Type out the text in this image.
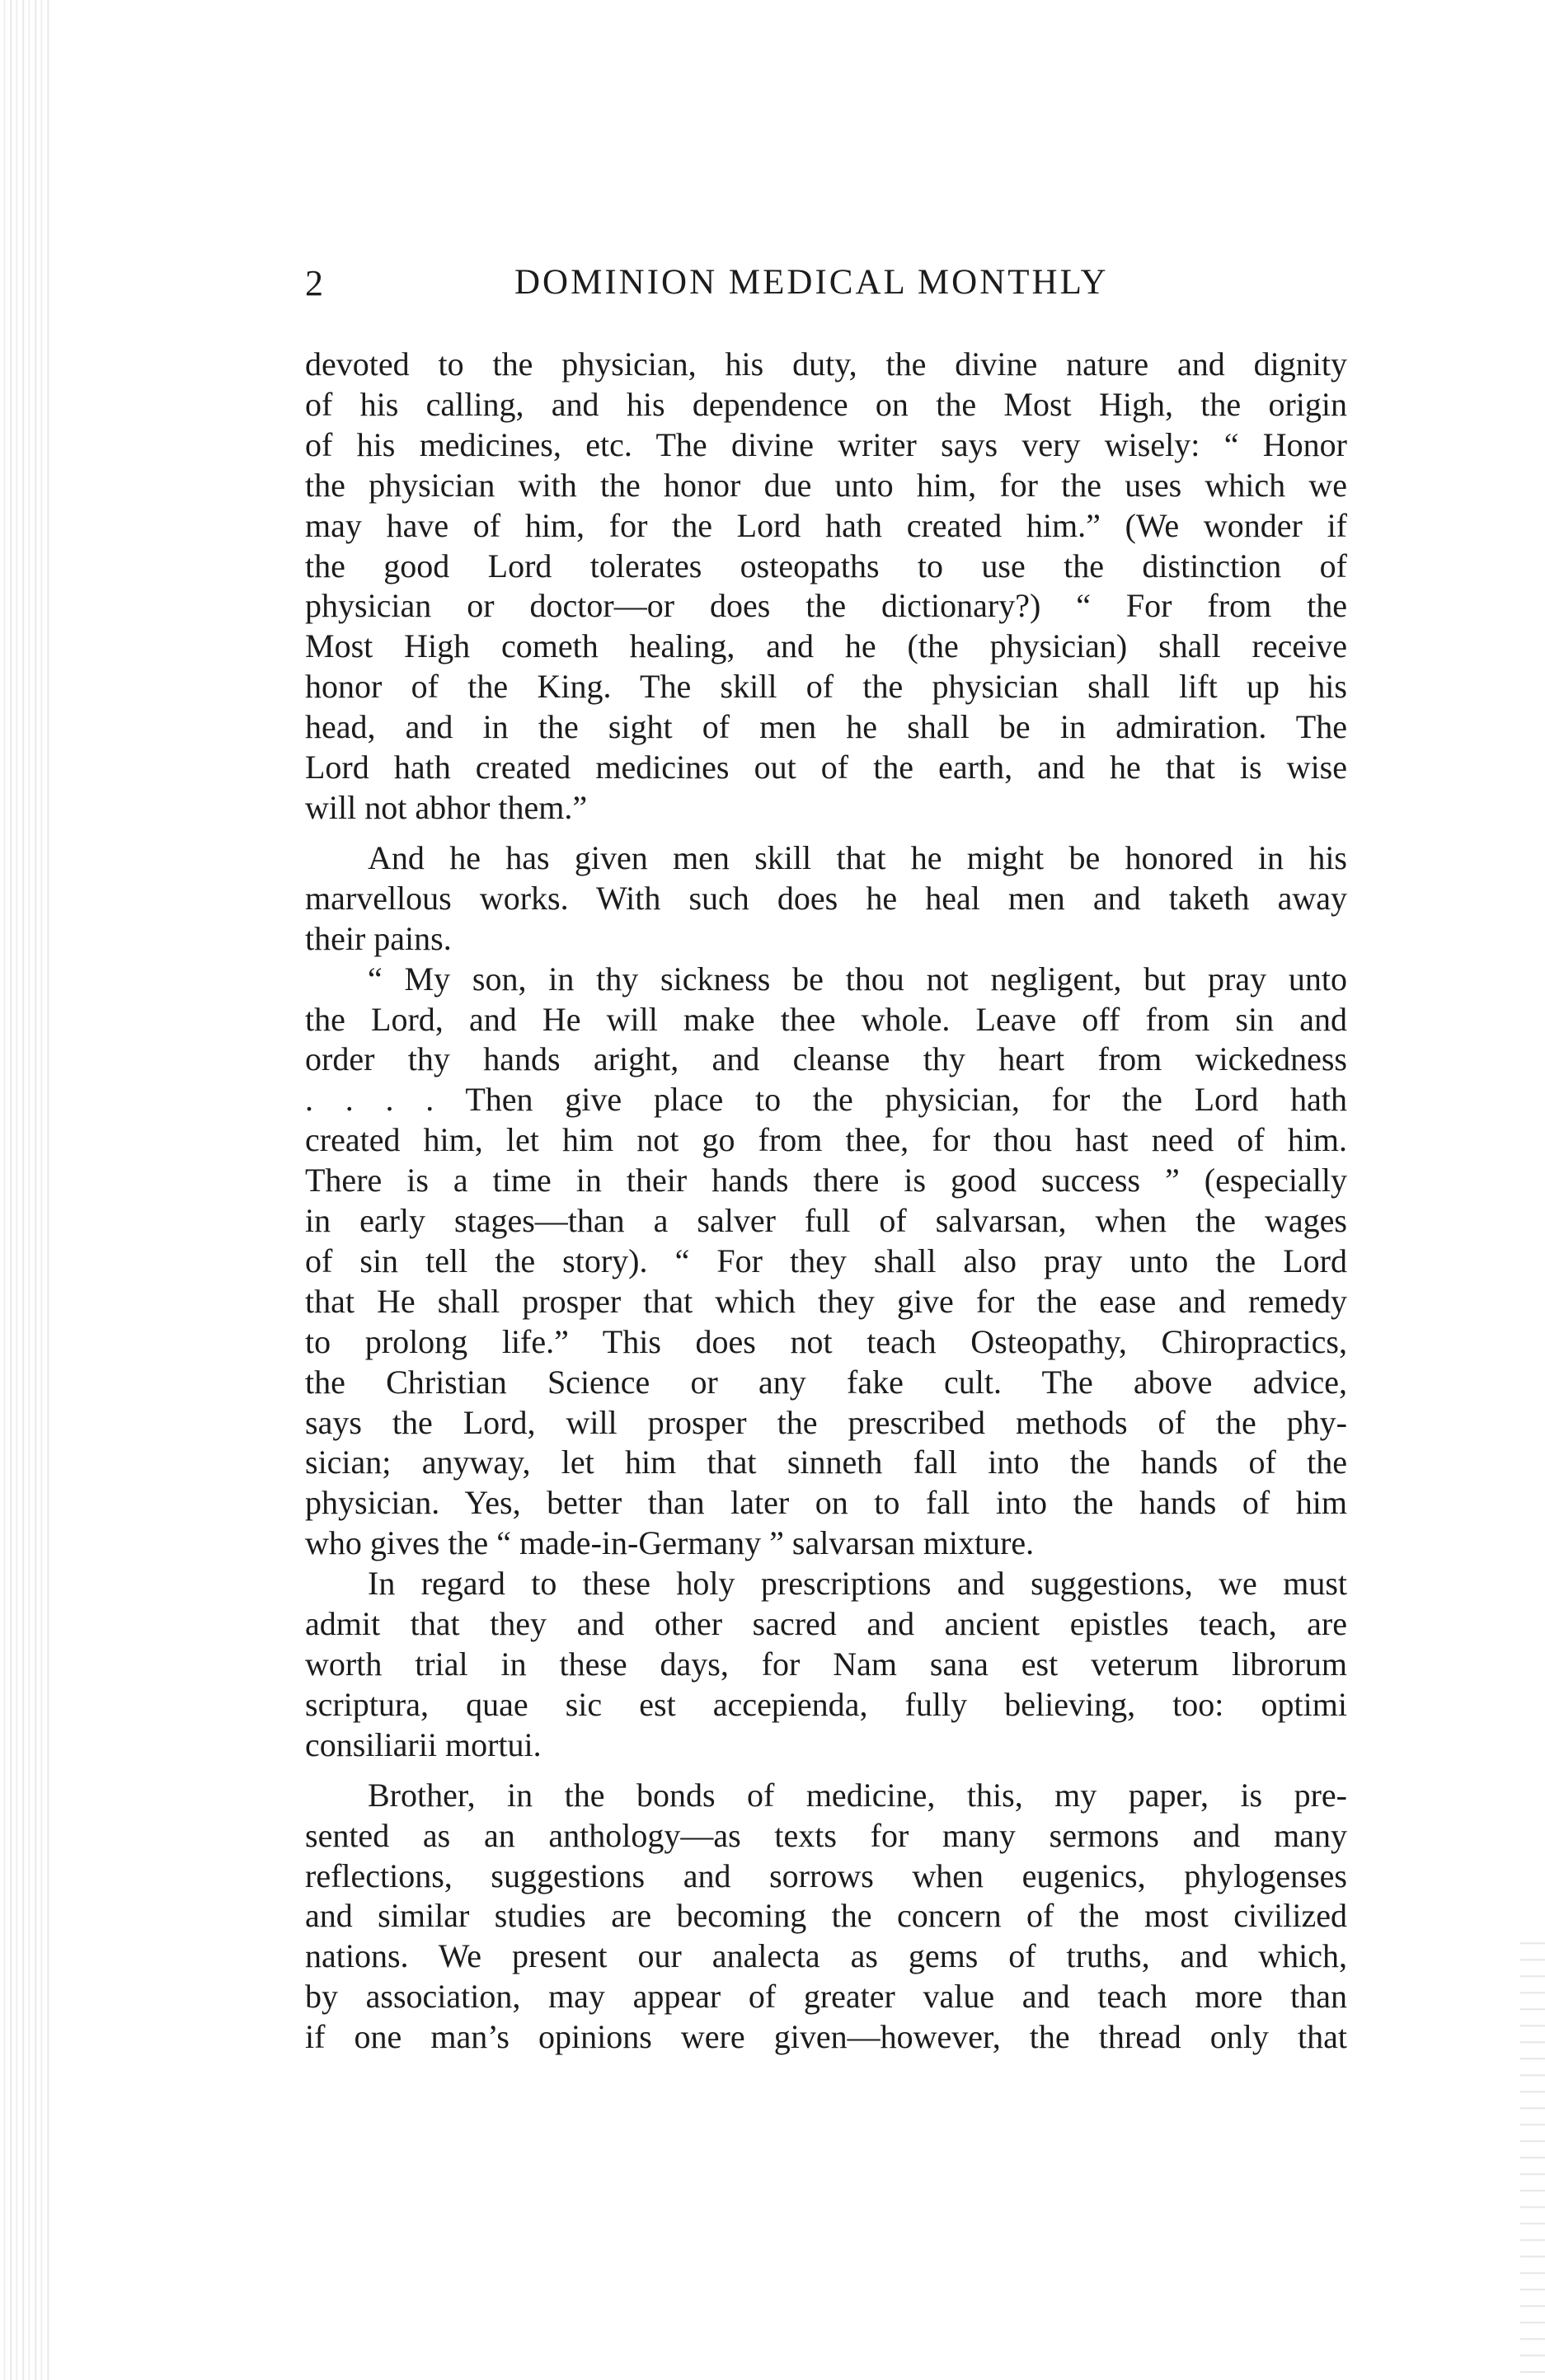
2	DOMINION MEDICAL MONTHLY

devoted to the physician, his duty, the divine nature and dignity
of his calling, and his dependence on the Most High, the origin
of his medicines, etc. The divine writer says very wisely: “ Honor
the physician with the honor due unto him, for the uses which we
may have of him, for the Lord hath created him.” (We wonder if
the good Lord tolerates osteopaths to use the distinction of
physician or doctor—or does the dictionary?) “ For from the
Most High cometh healing, and he (the physician) shall receive
honor of the King. The skill of the physician shall lift up his
head, and in the sight of men he shall be in admiration. The
Lord hath created medicines out of the earth, and he that is wise
will not abhor them.”

And he has given men skill that he might be honored in his
marvellous works. With such does he heal men and taketh away
their pains.

“ My son, in thy sickness be thou not negligent, but pray unto
the Lord, and He will make thee whole. Leave off from sin and
order thy hands aright, and cleanse thy heart from wickedness
. . . . Then give place to the physician, for the Lord hath
created him, let him not go from thee, for thou hast need of him.
There is a time in their hands there is good success ” (especially
in early stages—than a salver full of salvarsan, when the wages
of sin tell the story). “ For they shall also pray unto the Lord
that He shall prosper that which they give for the ease and remedy
to prolong life.” This does not teach Osteopathy, Chiropractics,
the Christian Science or any fake cult. The above advice,
says the Lord, will prosper the prescribed methods of the phy-
sician; anyway, let him that sinneth fall into the hands of the
physician. Yes, better than later on to fall into the hands of him
who gives the “ made-in-Germany ” salvarsan mixture.

In regard to these holy prescriptions and suggestions, we must
admit that they and other sacred and ancient epistles teach, are
worth trial in these days, for Nam sana est veterum librorum
scriptura, quae sic est accepienda, fully believing, too: optimi
consiliarii mortui.

Brother, in the bonds of medicine, this, my paper, is pre-
sented as an anthology—as texts for many sermons and many
reflections, suggestions and sorrows when eugenics, phylogenses
and similar studies are becoming the concern of the most civilized
nations. We present our analecta as gems of truths, and which,
by association, may appear of greater value and teach more than
if one man’s opinions were given—however, the thread only that
